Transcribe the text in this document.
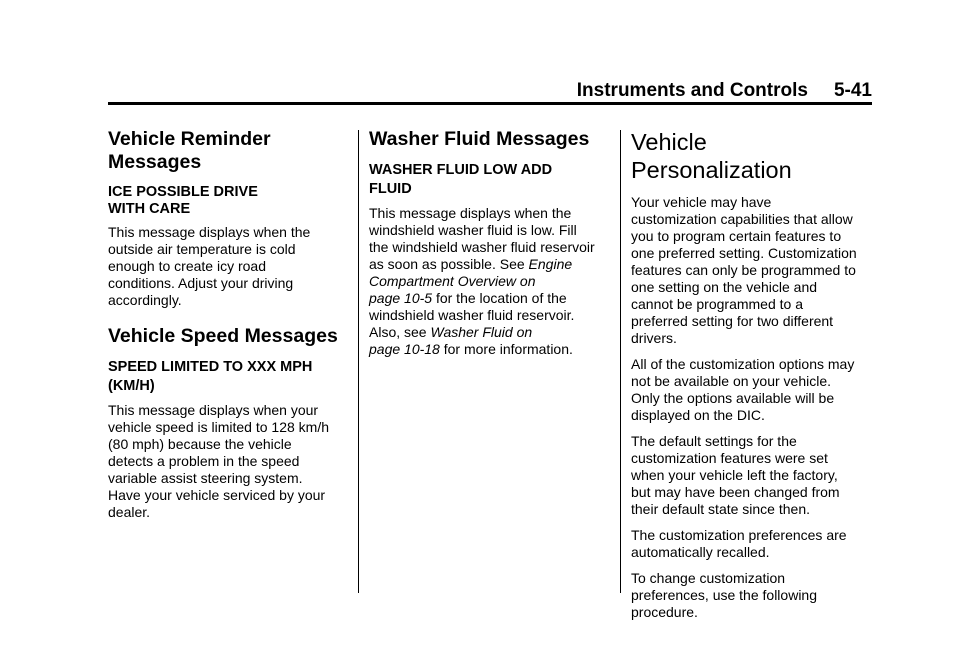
Instruments and Controls 5-41
Vehicle Reminder
Messages
ICE POSSIBLE DRIVE
WITH CARE

This message displays when the
outside air temperature is cold
enough to create icy road
conditions. Adjust your driving
accordingly.

Vehicle Speed Messages
SPEED LIMITED TO XXX MPH
(KM/H)

This message displays when your
vehicle speed is limited to 128 km/h
(80 mph) because the vehicle
detects a problem in the speed
variable assist steering system.
Have your vehicle serviced by your
dealer.

Washer Fluid Messages
WASHER FLUID LOW ADD
FLUID

This message displays when the
windshield washer fluid is low. Fill
the windshield washer fluid reservoir
as soon as possible. See Engine
Compartment Overview on
page 10-5 for the location of the
windshield washer fluid reservoir.
Also, see Washer Fluid on
page 10-18 for more information.

Vehicle
Personalization

Your vehicle may have
customization capabilities that allow
you to program certain features to
one preferred setting. Customization
features can only be programmed to
one setting on the vehicle and
cannot be programmed to a
preferred setting for two different
drivers.

All of the customization options may
not be available on your vehicle.
Only the options available will be
displayed on the DIC.

The default settings for the
customization features were set
when your vehicle left the factory,
but may have been changed from
their default state since then.

The customization preferences are
automatically recalled.

To change customization
preferences, use the following
procedure.
